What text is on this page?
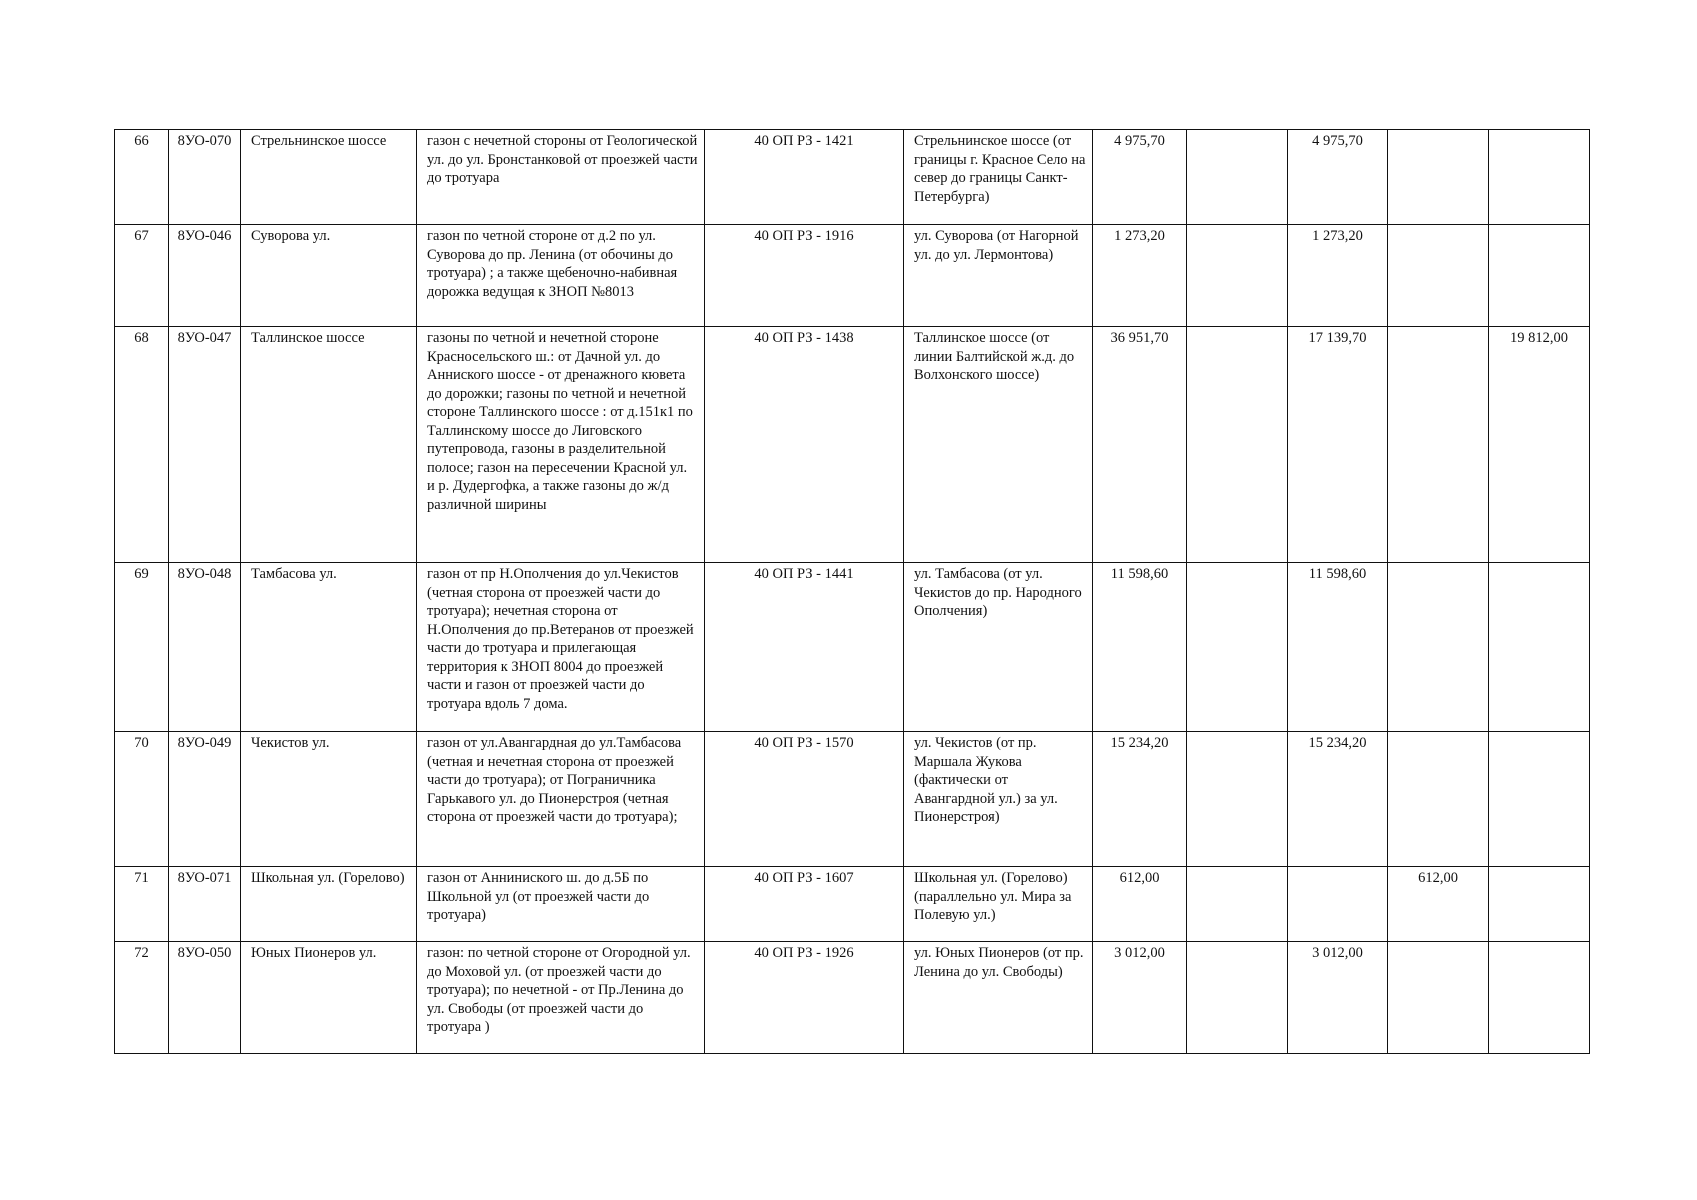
66	8УО-070	Стрельнинское шоссе	газон с нечетной стороны от Геологической ул. до ул. Бронстанковой от проезжей части до тротуара	40 ОП РЗ - 1421	Стрельнинское шоссе (от границы г. Красное Село на север до границы Санкт-Петербурга)	4 975,70		4 975,70		
67	8УО-046	Суворова ул.	газон по четной стороне от д.2 по ул. Суворова до пр. Ленина (от обочины до тротуара) ; а также щебеночно-набивная дорожка ведущая к ЗНОП №8013	40 ОП РЗ - 1916	ул. Суворова (от Нагорной ул. до ул. Лермонтова)	1 273,20		1 273,20		
68	8УО-047	Таллинское шоссе	газоны по четной и нечетной стороне Красносельского ш.: от Дачной ул. до Анниского шоссе - от дренажного кювета до дорожки; газоны по четной и нечетной стороне Таллинского шоссе : от д.151к1 по Таллинскому шоссе до Лиговского путепровода, газоны в разделительной полосе; газон на пересечении Красной ул. и р. Дудергофка, а также газоны до ж/д различной ширины	40 ОП РЗ - 1438	Таллинское шоссе (от линии Балтийской ж.д. до Волхонского шоссе)	36 951,70		17 139,70		19 812,00
69	8УО-048	Тамбасова ул.	газон от пр Н.Ополчения до ул.Чекистов (четная сторона от проезжей части до тротуара); нечетная сторона от Н.Ополчения до пр.Ветеранов от проезжей части до тротуара и прилегающая территория к ЗНОП 8004 до проезжей части и газон от проезжей части до тротуара вдоль 7 дома.	40 ОП РЗ - 1441	ул. Тамбасова (от ул. Чекистов до пр. Народного Ополчения)	11 598,60		11 598,60		
70	8УО-049	Чекистов ул.	газон от ул.Авангардная до ул.Тамбасова (четная и нечетная сторона от проезжей части до тротуара); от Пограничника Гарькавого ул. до Пионерстроя (четная сторона от проезжей части до тротуара);	40 ОП РЗ - 1570	ул. Чекистов (от пр. Маршала Жукова (фактически от Авангардной ул.) за ул. Пионерстроя)	15 234,20		15 234,20		
71	8УО-071	Школьная ул. (Горелово)	газон от Анниниского ш. до д.5Б по Школьной ул (от проезжей части до тротуара)	40 ОП РЗ - 1607	Школьная ул. (Горелово) (параллельно ул. Мира за Полевую ул.)	612,00			612,00	
72	8УО-050	Юных Пионеров ул.	газон: по четной стороне от Огородной ул. до Моховой ул. (от проезжей части до тротуара); по нечетной - от Пр.Ленина до ул. Свободы (от проезжей части до тротуара )	40 ОП РЗ - 1926	ул. Юных Пионеров (от пр. Ленина до ул. Свободы)	3 012,00		3 012,00		
